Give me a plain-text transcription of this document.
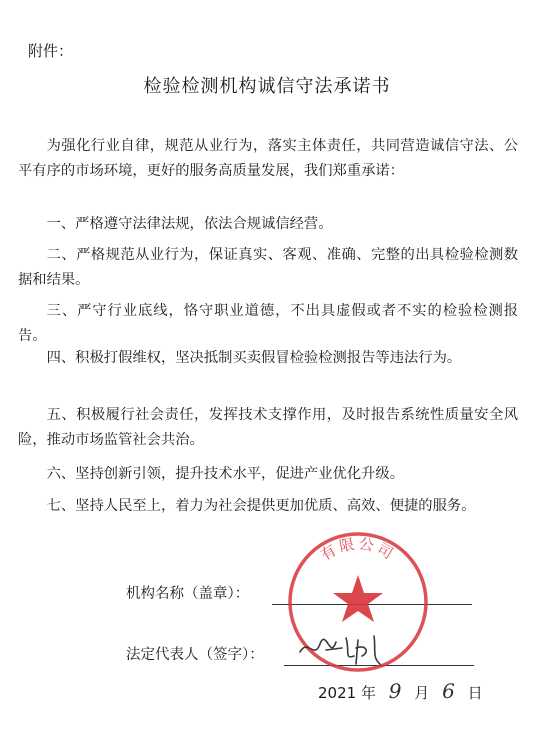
附件：
检验检测机构诚信守法承诺书
为强化行业自律，规范从业行为，落实主体责任，共同营造诚信守法、公平有序的市场环境，更好的服务高质量发展，我们郑重承诺：
一、严格遵守法律法规，依法合规诚信经营。
二、严格规范从业行为，保证真实、客观、准确、完整的出具检验检测数据和结果。
三、严守行业底线，恪守职业道德，不出具虚假或者不实的检验检测报告。
四、积极打假维权，坚决抵制买卖假冒检验检测报告等违法行为。
五、积极履行社会责任，发挥技术支撑作用，及时报告系统性质量安全风险，推动市场监管社会共治。
六、坚持创新引领，提升技术水平，促进产业优化升级。
七、坚持人民至上，着力为社会提供更加优质、高效、便捷的服务。
机构名称（盖章）：
法定代表人（签字）：
有限公司
2021 年 9 月 6 日
